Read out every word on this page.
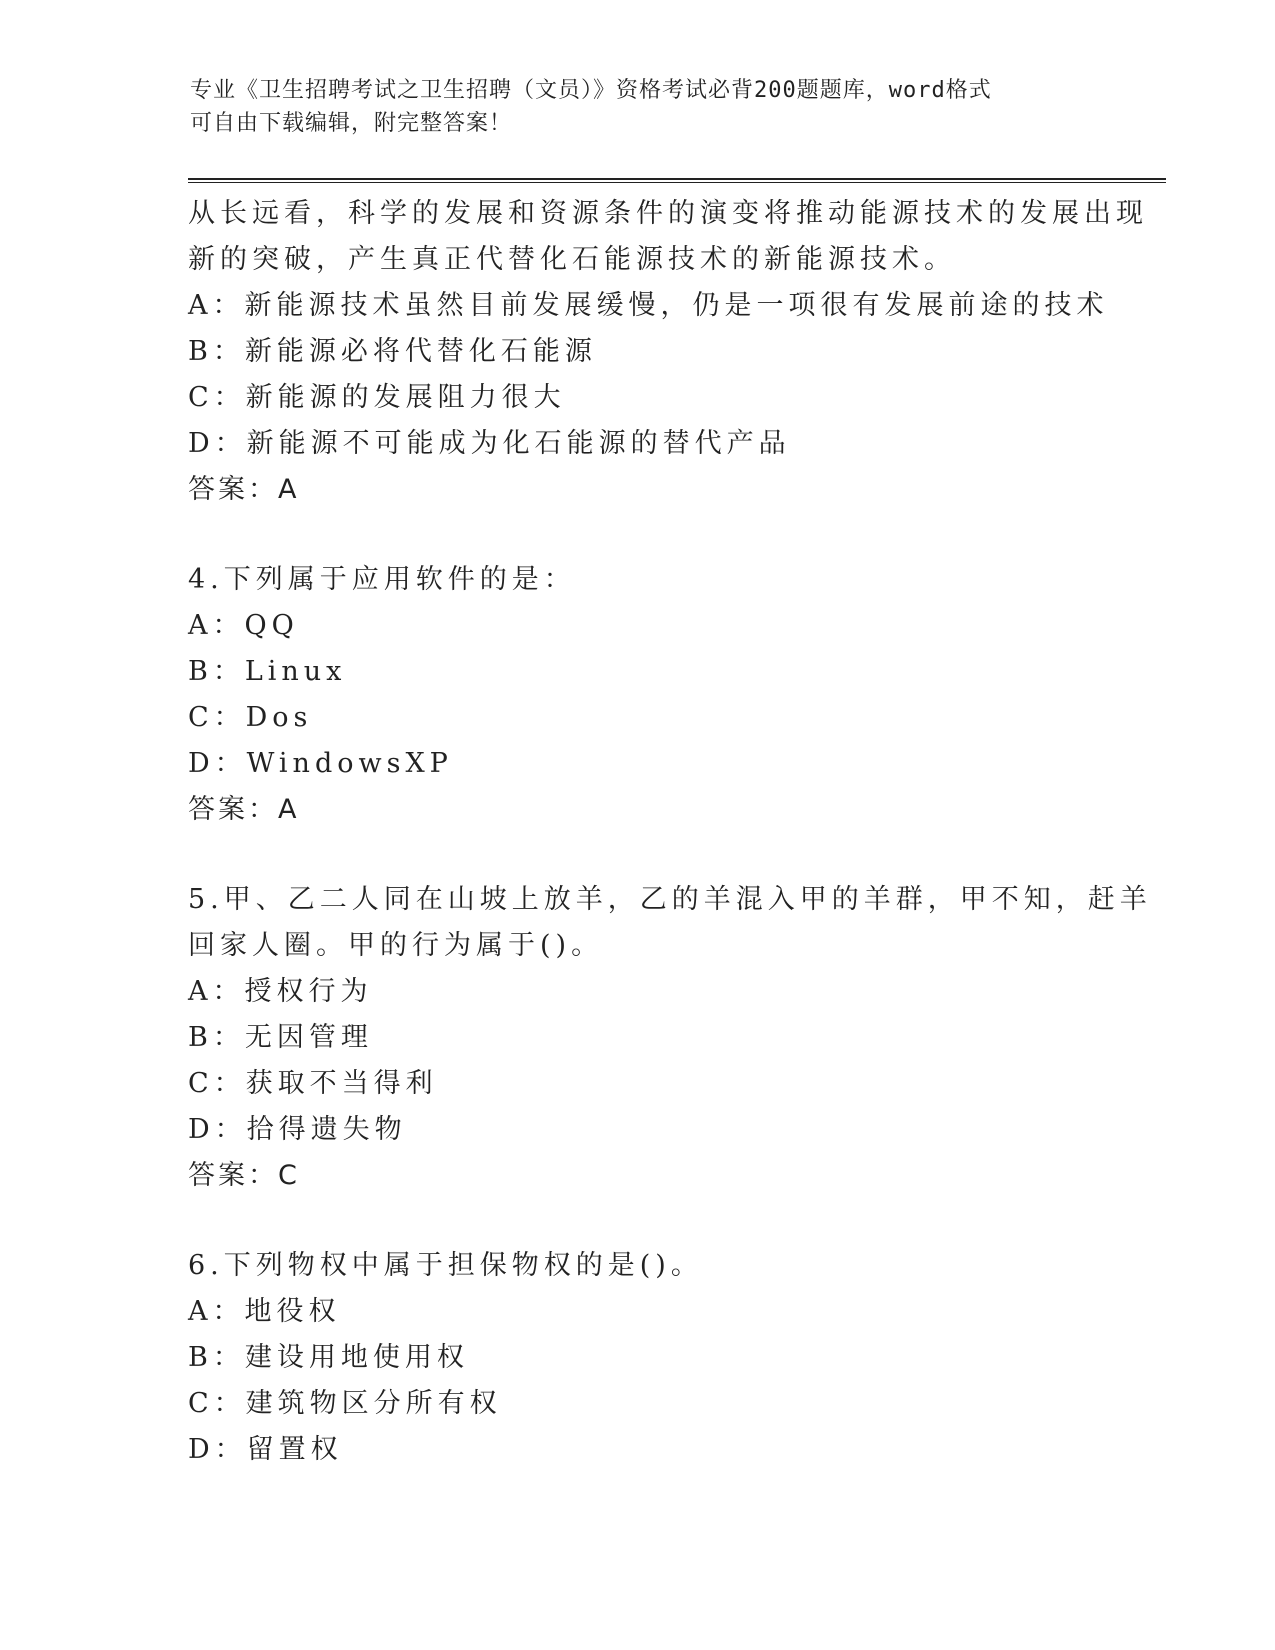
专业《卫生招聘考试之卫生招聘（文员）》资格考试必背200题题库，word格式
可自由下载编辑，附完整答案！
从长远看，科学的发展和资源条件的演变将推动能源技术的发展出现
新的突破，产生真正代替化石能源技术的新能源技术。
A：新能源技术虽然目前发展缓慢，仍是一项很有发展前途的技术
B：新能源必将代替化石能源
C：新能源的发展阻力很大
D：新能源不可能成为化石能源的替代产品
答案：A
4.下列属于应用软件的是：
A：QQ
B：Linux
C：Dos
D：WindowsXP
答案：A
5.甲、乙二人同在山坡上放羊，乙的羊混入甲的羊群，甲不知，赶羊
回家人圈。甲的行为属于()。
A：授权行为
B：无因管理
C：获取不当得利
D：拾得遗失物
答案：C
6.下列物权中属于担保物权的是()。
A：地役权
B：建设用地使用权
C：建筑物区分所有权
D：留置权
